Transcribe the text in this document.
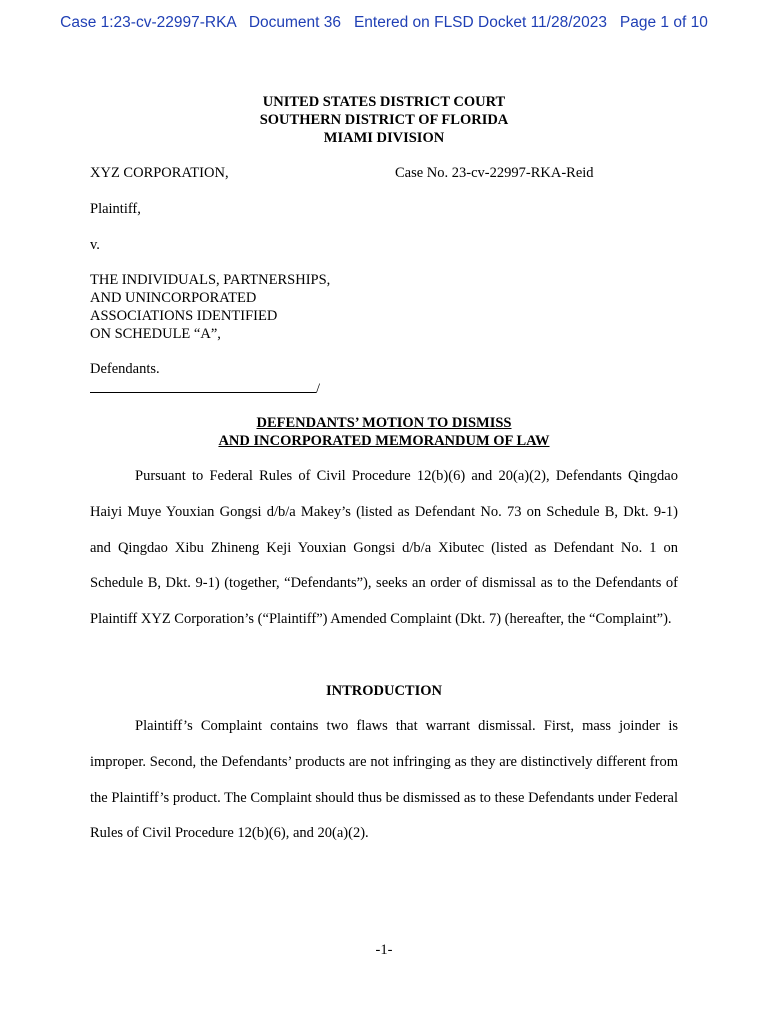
Case 1:23-cv-22997-RKA Document 36 Entered on FLSD Docket 11/28/2023 Page 1 of 10
UNITED STATES DISTRICT COURT
SOUTHERN DISTRICT OF FLORIDA
MIAMI DIVISION
XYZ CORPORATION,	Case No. 23-cv-22997-RKA-Reid
Plaintiff,
v.
THE INDIVIDUALS, PARTNERSHIPS,
AND UNINCORPORATED
ASSOCIATIONS IDENTIFIED
ON SCHEDULE “A”,
Defendants.
/
DEFENDANTS’ MOTION TO DISMISS
AND INCORPORATED MEMORANDUM OF LAW
Pursuant to Federal Rules of Civil Procedure 12(b)(6) and 20(a)(2), Defendants Qingdao Haiyi Muye Youxian Gongsi d/b/a Makey’s (listed as Defendant No. 73 on Schedule B, Dkt. 9-1) and Qingdao Xibu Zhineng Keji Youxian Gongsi d/b/a Xibutec (listed as Defendant No. 1 on Schedule B, Dkt. 9-1) (together, “Defendants”), seeks an order of dismissal as to the Defendants of Plaintiff XYZ Corporation’s (“Plaintiff”) Amended Complaint (Dkt. 7) (hereafter, the “Complaint”).
INTRODUCTION
Plaintiff’s Complaint contains two flaws that warrant dismissal. First, mass joinder is improper. Second, the Defendants’ products are not infringing as they are distinctively different from the Plaintiff’s product. The Complaint should thus be dismissed as to these Defendants under Federal Rules of Civil Procedure 12(b)(6), and 20(a)(2).
-1-
